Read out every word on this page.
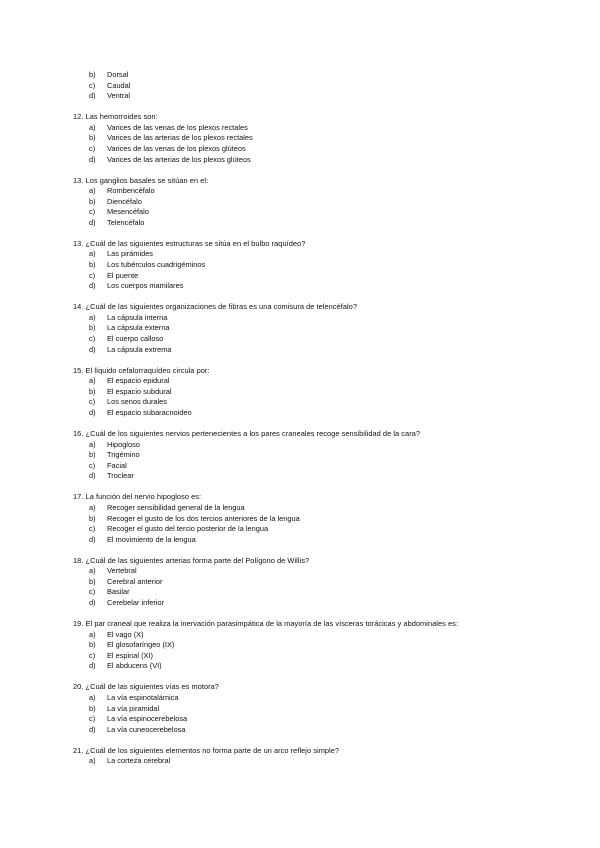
b)	Dorsal
c)	Caudal
d)	Ventral
12. Las hemorroides son:
a)	Varices de las venas de los plexos rectales
b)	Varices de las arterias de los plexos rectales
c)	Varices de las venas de los plexos glúteos
d)	Varices de las arterias de los plexos glúteos
13. Los ganglios basales se sitúan en el:
a)	Rombencéfalo
b)	Diencéfalo
c)	Mesencéfalo
d)	Telencéfalo
13. ¿Cuál de las siguientes estructuras se sitúa en el bulbo raquídeo?
a)	Las pirámides
b)	Los tubérculos cuadrigéminos
c)	El puente
d)	Los cuerpos mamilares
14. ¿Cuál de las siguientes organizaciones de fibras es una comisura de telencéfalo?
a)	La cápsula interna
b)	La cápsula externa
c)	El cuerpo calloso
d)	La cápsula extrema
15. El líquido cefalorraquídeo circula por:
a)	El espacio epidural
b)	El espacio subdural
c)	Los senos durales
d)	El espacio subaracnoideo
16. ¿Cuál de los siguientes nervios pertenecientes a los pares craneales recoge sensibilidad de la cara?
a)	Hipogloso
b)	Trigémino
c)	Facial
d)	Troclear
17. La función del nervio hipogloso es:
a)	Recoger sensibilidad general de la lengua
b)	Recoger el gusto de los dos tercios anteriores de la lengua
c)	Recoger el gusto del tercio posterior de la lengua
d)	El movimiento de la lengua
18. ¿Cuál de las siguientes arterias forma parte del Polígono de Willis?
a)	Vertebral
b)	Cerebral anterior
c)	Basilar
d)	Cerebelar inferior
19. El par craneal que realiza la inervación parasimpática de la mayoría de las vísceras torácicas y abdominales es:
a)	El vago (X)
b)	El glosofaríngeo (IX)
c)	El espinal (XI)
d)	El abducens (VI)
20. ¿Cuál de las siguientes vías es motora?
a)	La vía espinotalámica
b)	La vía piramidal
c)	La vía espinocerebelosa
d)	La vía cuneocerebelosa
21. ¿Cuál de los siguientes elementos no forma parte de un arco reflejo simple?
a)	La corteza cerebral
